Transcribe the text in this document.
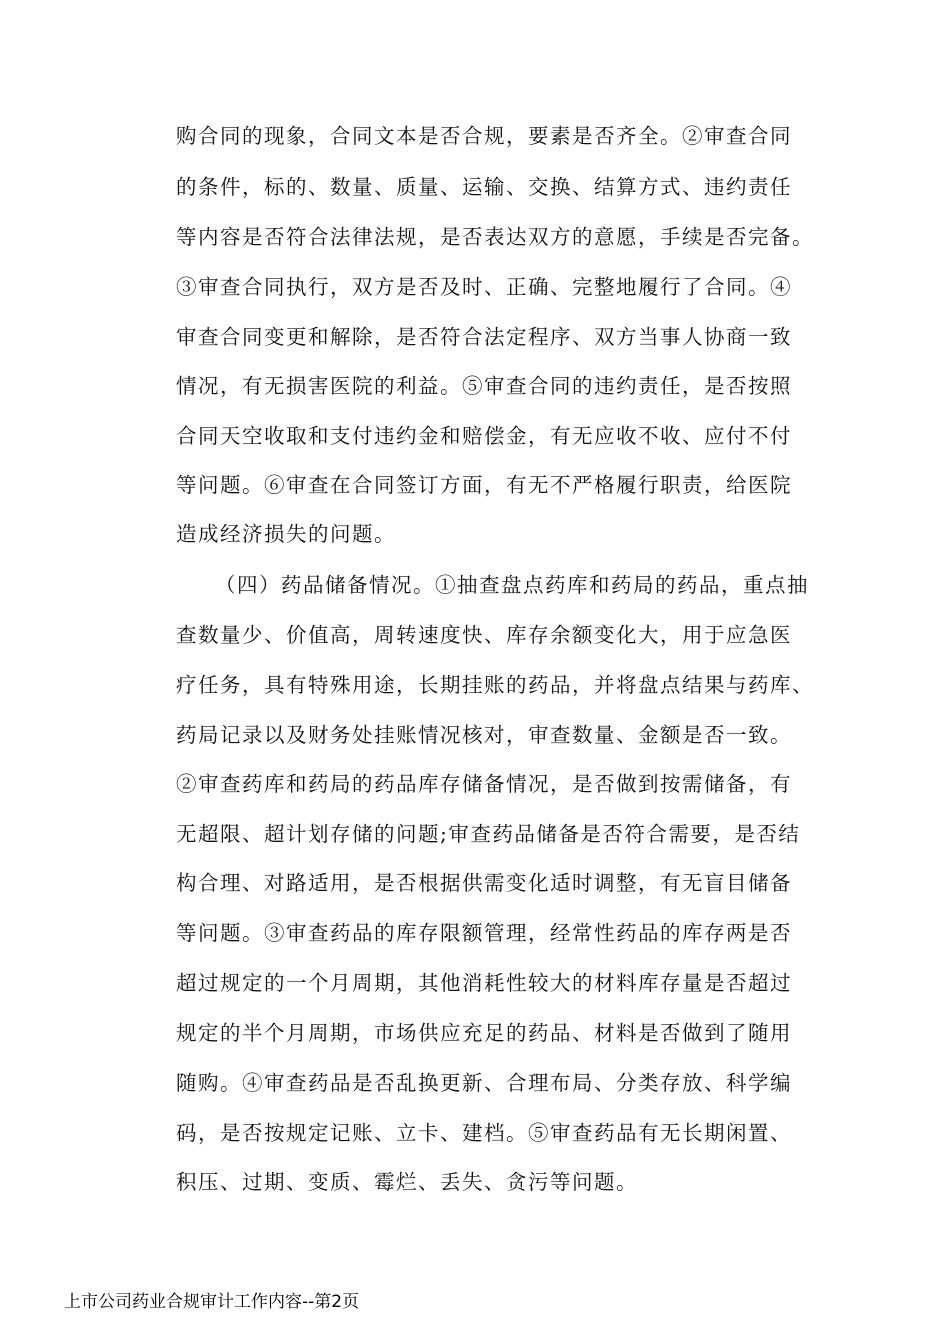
购合同的现象，合同文本是否合规，要素是否齐全。②审查合同
的条件，标的、数量、质量、运输、交换、结算方式、违约责任
等内容是否符合法律法规，是否表达双方的意愿，手续是否完备。
③审查合同执行，双方是否及时、正确、完整地履行了合同。④
审查合同变更和解除，是否符合法定程序、双方当事人协商一致
情况，有无损害医院的利益。⑤审查合同的违约责任，是否按照
合同天空收取和支付违约金和赔偿金，有无应收不收、应付不付
等问题。⑥审查在合同签订方面，有无不严格履行职责，给医院
造成经济损失的问题。
（四）药品储备情况。①抽查盘点药库和药局的药品，重点抽
查数量少、价值高，周转速度快、库存余额变化大，用于应急医
疗任务，具有特殊用途，长期挂账的药品，并将盘点结果与药库、
药局记录以及财务处挂账情况核对，审查数量、金额是否一致。
②审查药库和药局的药品库存储备情况，是否做到按需储备，有
无超限、超计划存储的问题;审查药品储备是否符合需要，是否结
构合理、对路适用，是否根据供需变化适时调整，有无盲目储备
等问题。③审查药品的库存限额管理，经常性药品的库存两是否
超过规定的一个月周期，其他消耗性较大的材料库存量是否超过
规定的半个月周期，市场供应充足的药品、材料是否做到了随用
随购。④审查药品是否乱换更新、合理布局、分类存放、科学编
码，是否按规定记账、立卡、建档。⑤审查药品有无长期闲置、
积压、过期、变质、霉烂、丢失、贪污等问题。
上市公司药业合规审计工作内容--第2页
